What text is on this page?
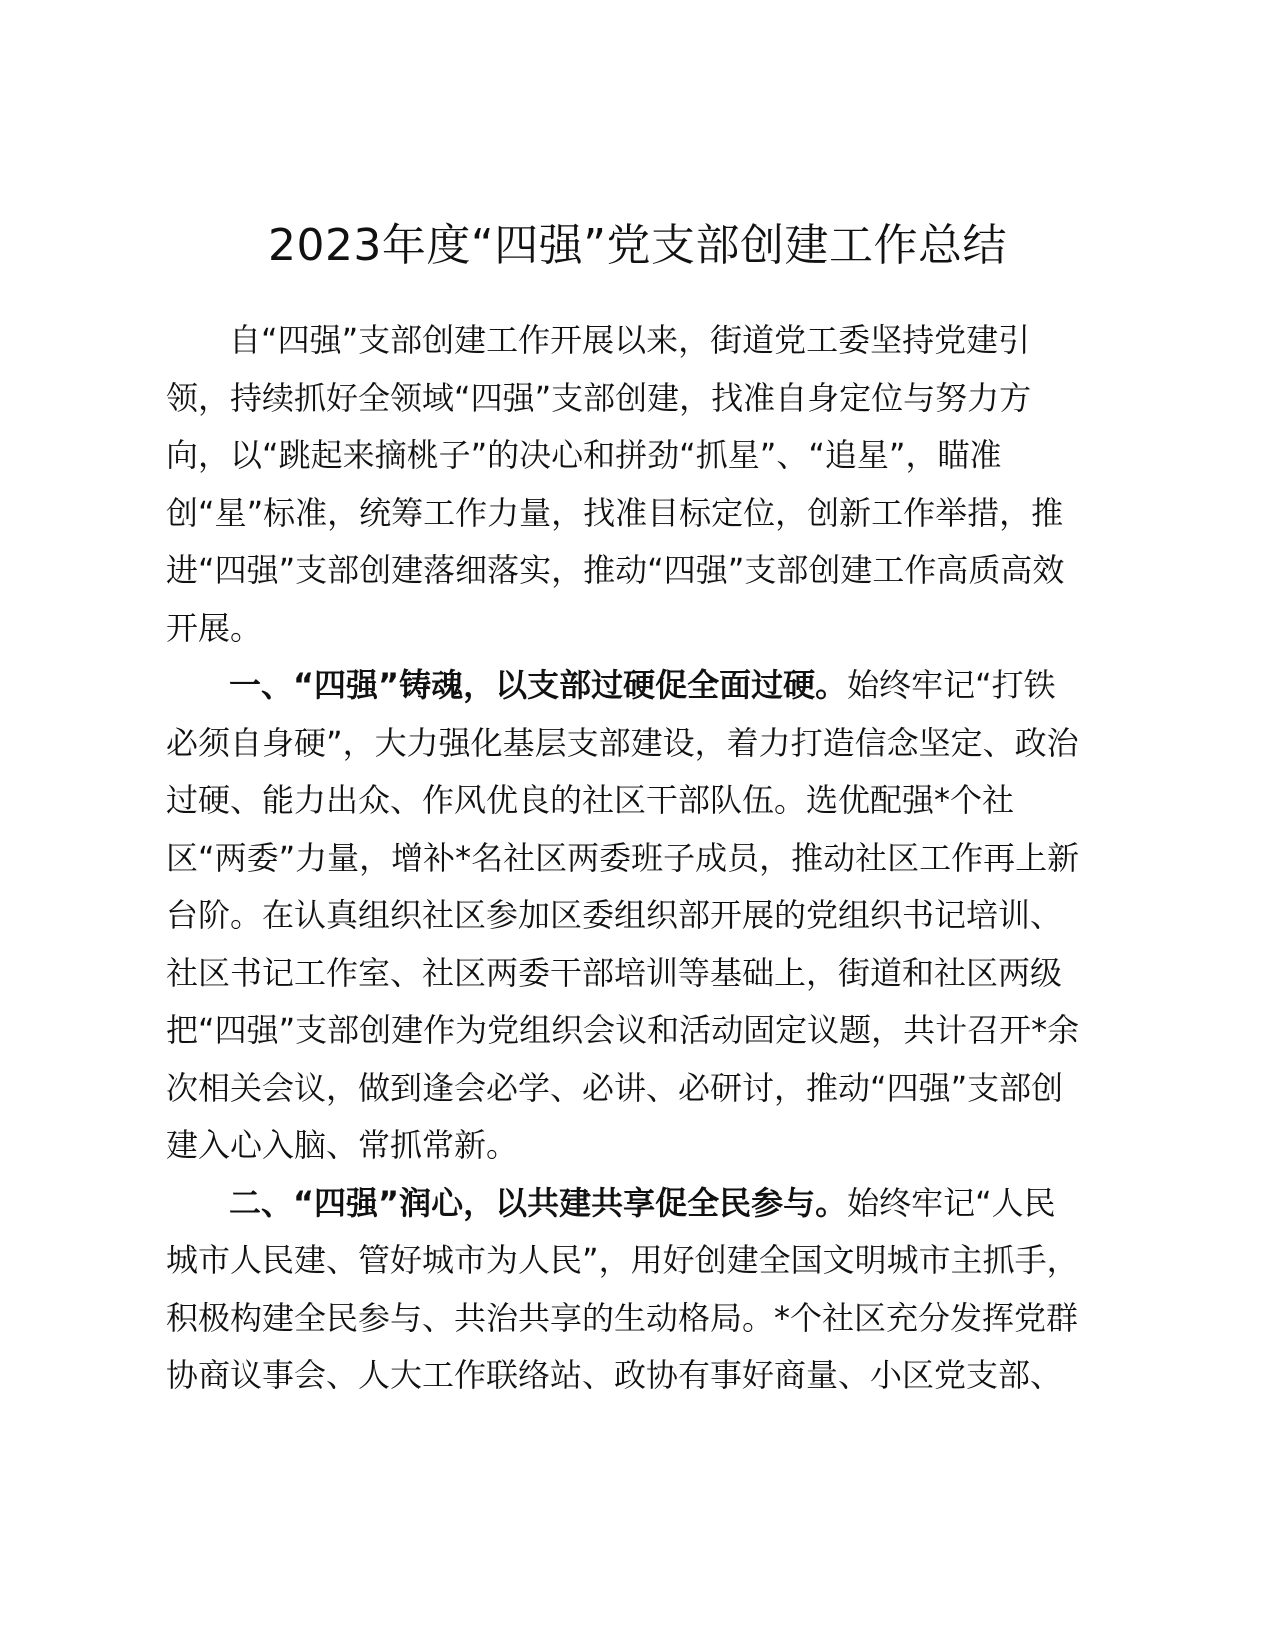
2023年度“四强”党支部创建工作总结
自“四强”支部创建工作开展以来，街道党工委坚持党建引
领，持续抓好全领域“四强”支部创建，找准自身定位与努力方
向，以“跳起来摘桃子”的决心和拼劲“抓星”、“追星”，瞄准
创“星”标准，统筹工作力量，找准目标定位，创新工作举措，推
进“四强”支部创建落细落实，推动“四强”支部创建工作高质高效
开展。
一、“四强”铸魂，以支部过硬促全面过硬。始终牢记“打铁
必须自身硬”，大力强化基层支部建设，着力打造信念坚定、政治
过硬、能力出众、作风优良的社区干部队伍。选优配强*个社
区“两委”力量，增补*名社区两委班子成员，推动社区工作再上新
台阶。在认真组织社区参加区委组织部开展的党组织书记培训、
社区书记工作室、社区两委干部培训等基础上，街道和社区两级
把“四强”支部创建作为党组织会议和活动固定议题，共计召开*余
次相关会议，做到逢会必学、必讲、必研讨，推动“四强”支部创
建入心入脑、常抓常新。
二、“四强”润心，以共建共享促全民参与。始终牢记“人民
城市人民建、管好城市为人民”，用好创建全国文明城市主抓手，
积极构建全民参与、共治共享的生动格局。*个社区充分发挥党群
协商议事会、人大工作联络站、政协有事好商量、小区党支部、
